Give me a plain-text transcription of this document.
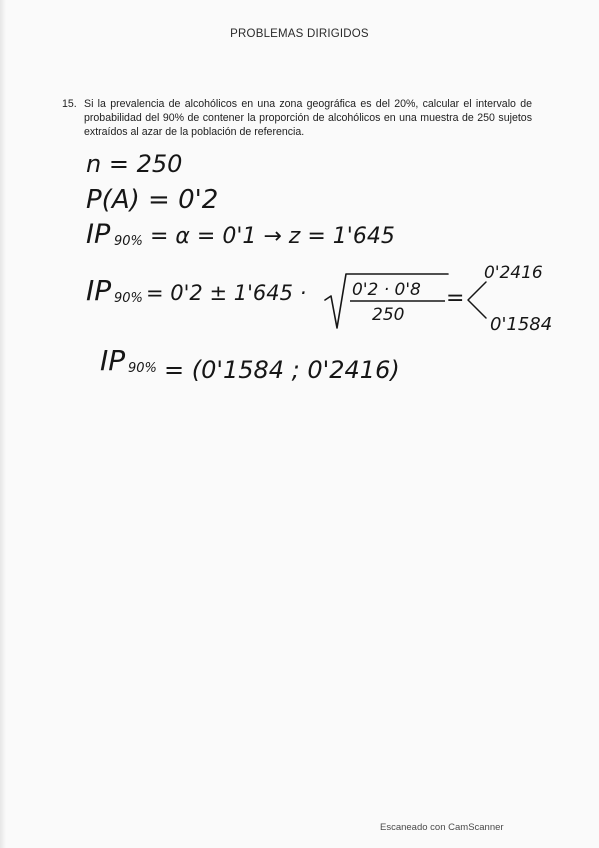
PROBLEMAS DIRIGIDOS
15. Si la prevalencia de alcohólicos en una zona geográfica es del 20%, calcular el intervalo de probabilidad del 90% de contener la proporción de alcohólicos en una muestra de 250 sujetos extraídos al azar de la población de referencia.
n = 250
P(A) = 0'2
IP 90% = α = 0'1 → z = 1'645
IP 90% = 0'2 ± 1'645 ·	0'2 · 0'8
250
=
0'2416
0'1584
IP 90% = (0'1584 ; 0'2416)
Escaneado con CamScanner
